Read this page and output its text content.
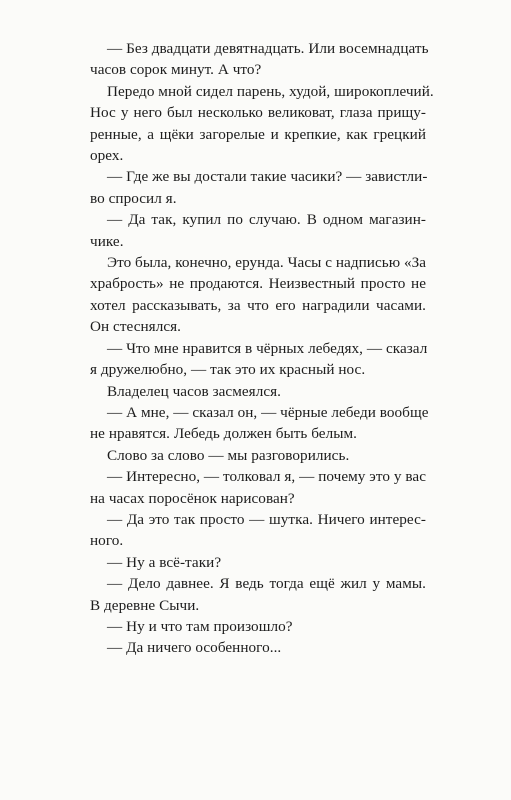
— Без двадцати девятнадцать. Или восемнадцать
часов сорок минут. А что?

Передо мной сидел парень, худой, широкоплечий.
Нос у него был несколько великоват, глаза прищу-
ренные, а щёки загорелые и крепкие, как грецкий
орех.

— Где же вы достали такие часики? — завистли-
во спросил я.

— Да так, купил по случаю. В одном магазин-
чике.

Это была, конечно, ерунда. Часы с надписью «За
храбрость» не продаются. Неизвестный просто не
хотел рассказывать, за что его наградили часами.
Он стеснялся.

— Что мне нравится в чёрных лебедях, — сказал
я дружелюбно, — так это их красный нос.

Владелец часов засмеялся.

— А мне, — сказал он, — чёрные лебеди вообще
не нравятся. Лебедь должен быть белым.

Слово за слово — мы разговорились.

— Интересно, — толковал я, — почему это у вас
на часах поросёнок нарисован?

— Да это так просто — шутка. Ничего интерес-
ного.

— Ну а всё-таки?

— Дело давнее. Я ведь тогда ещё жил у мамы.
В деревне Сычи.

— Ну и что там произошло?

— Да ничего особенного...
